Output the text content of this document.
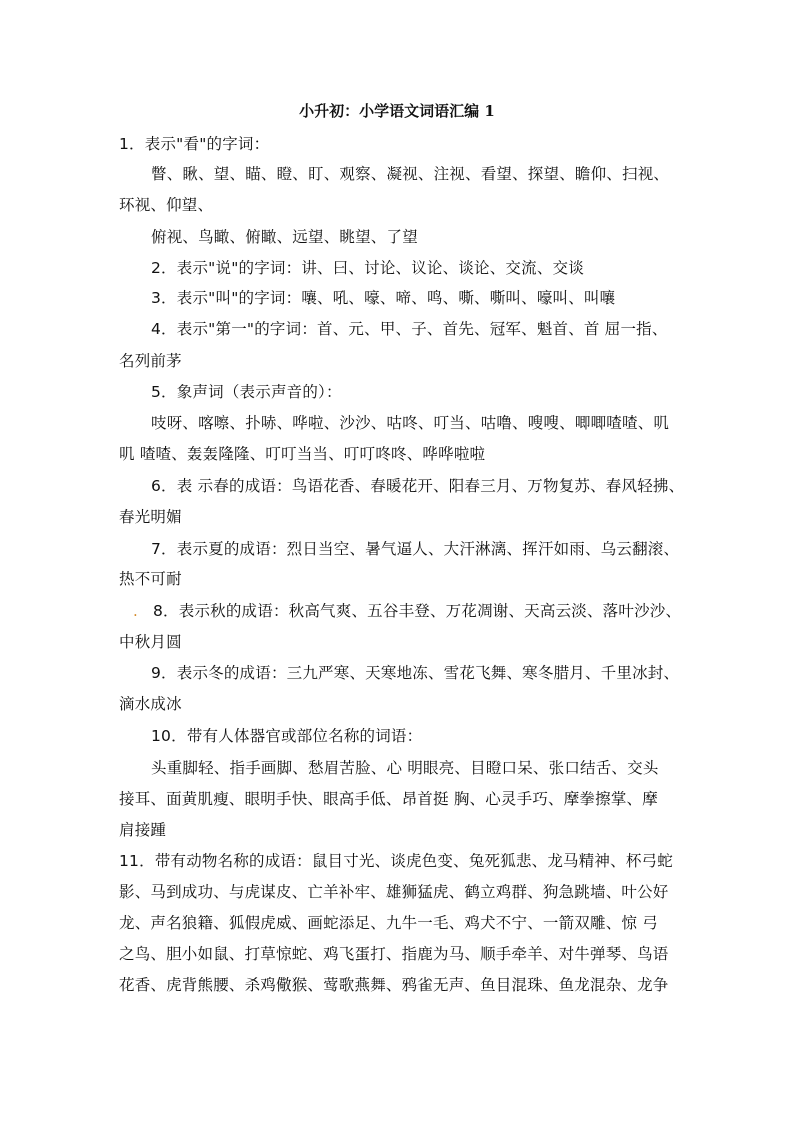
小升初：小学语文词语汇编 1
1．表示"看"的字词：
瞥、瞅、望、瞄、瞪、盯、观察、凝视、注视、看望、探望、瞻仰、扫视、
环视、仰望、
俯视、鸟瞰、俯瞰、远望、眺望、了望
2．表示"说"的字词：讲、曰、讨论、议论、谈论、交流、交谈
3．表示"叫"的字词：嚷、吼、嚎、啼、鸣、嘶、嘶叫、嚎叫、叫嚷
4．表示"第一"的字词：首、元、甲、子、首先、冠军、魁首、首 屈一指、
名列前茅
5．象声词（表示声音的）：
吱呀、喀嚓、扑哧、哗啦、沙沙、咕咚、叮当、咕噜、嗖嗖、唧唧喳喳、叽
叽 喳喳、轰轰隆隆、叮叮当当、叮叮咚咚、哗哗啦啦
6．表 示春的成语：鸟语花香、春暖花开、阳春三月、万物复苏、春风轻拂、
春光明媚
7．表示夏的成语：烈日当空、暑气逼人、大汗淋漓、挥汗如雨、乌云翻滚、
热不可耐
. 8．表示秋的成语：秋高气爽、五谷丰登、万花凋谢、天高云淡、落叶沙沙、
中秋月圆
9．表示冬的成语：三九严寒、天寒地冻、雪花飞舞、寒冬腊月、千里冰封、
滴水成冰
10．带有人体器官或部位名称的词语：
头重脚轻、指手画脚、愁眉苦脸、心 明眼亮、目瞪口呆、张口结舌、交头
接耳、面黄肌瘦、眼明手快、眼高手低、昂首挺 胸、心灵手巧、摩拳擦掌、摩
肩接踵
11．带有动物名称的成语：鼠目寸光、谈虎色变、兔死狐悲、龙马精神、杯弓蛇
影、马到成功、与虎谋皮、亡羊补牢、雄狮猛虎、鹤立鸡群、狗急跳墙、叶公好
龙、声名狼籍、狐假虎威、画蛇添足、九牛一毛、鸡犬不宁、一箭双雕、惊 弓
之鸟、胆小如鼠、打草惊蛇、鸡飞蛋打、指鹿为马、顺手牵羊、对牛弹琴、鸟语
花香、虎背熊腰、杀鸡儆猴、莺歌燕舞、鸦雀无声、鱼目混珠、鱼龙混杂、龙争
